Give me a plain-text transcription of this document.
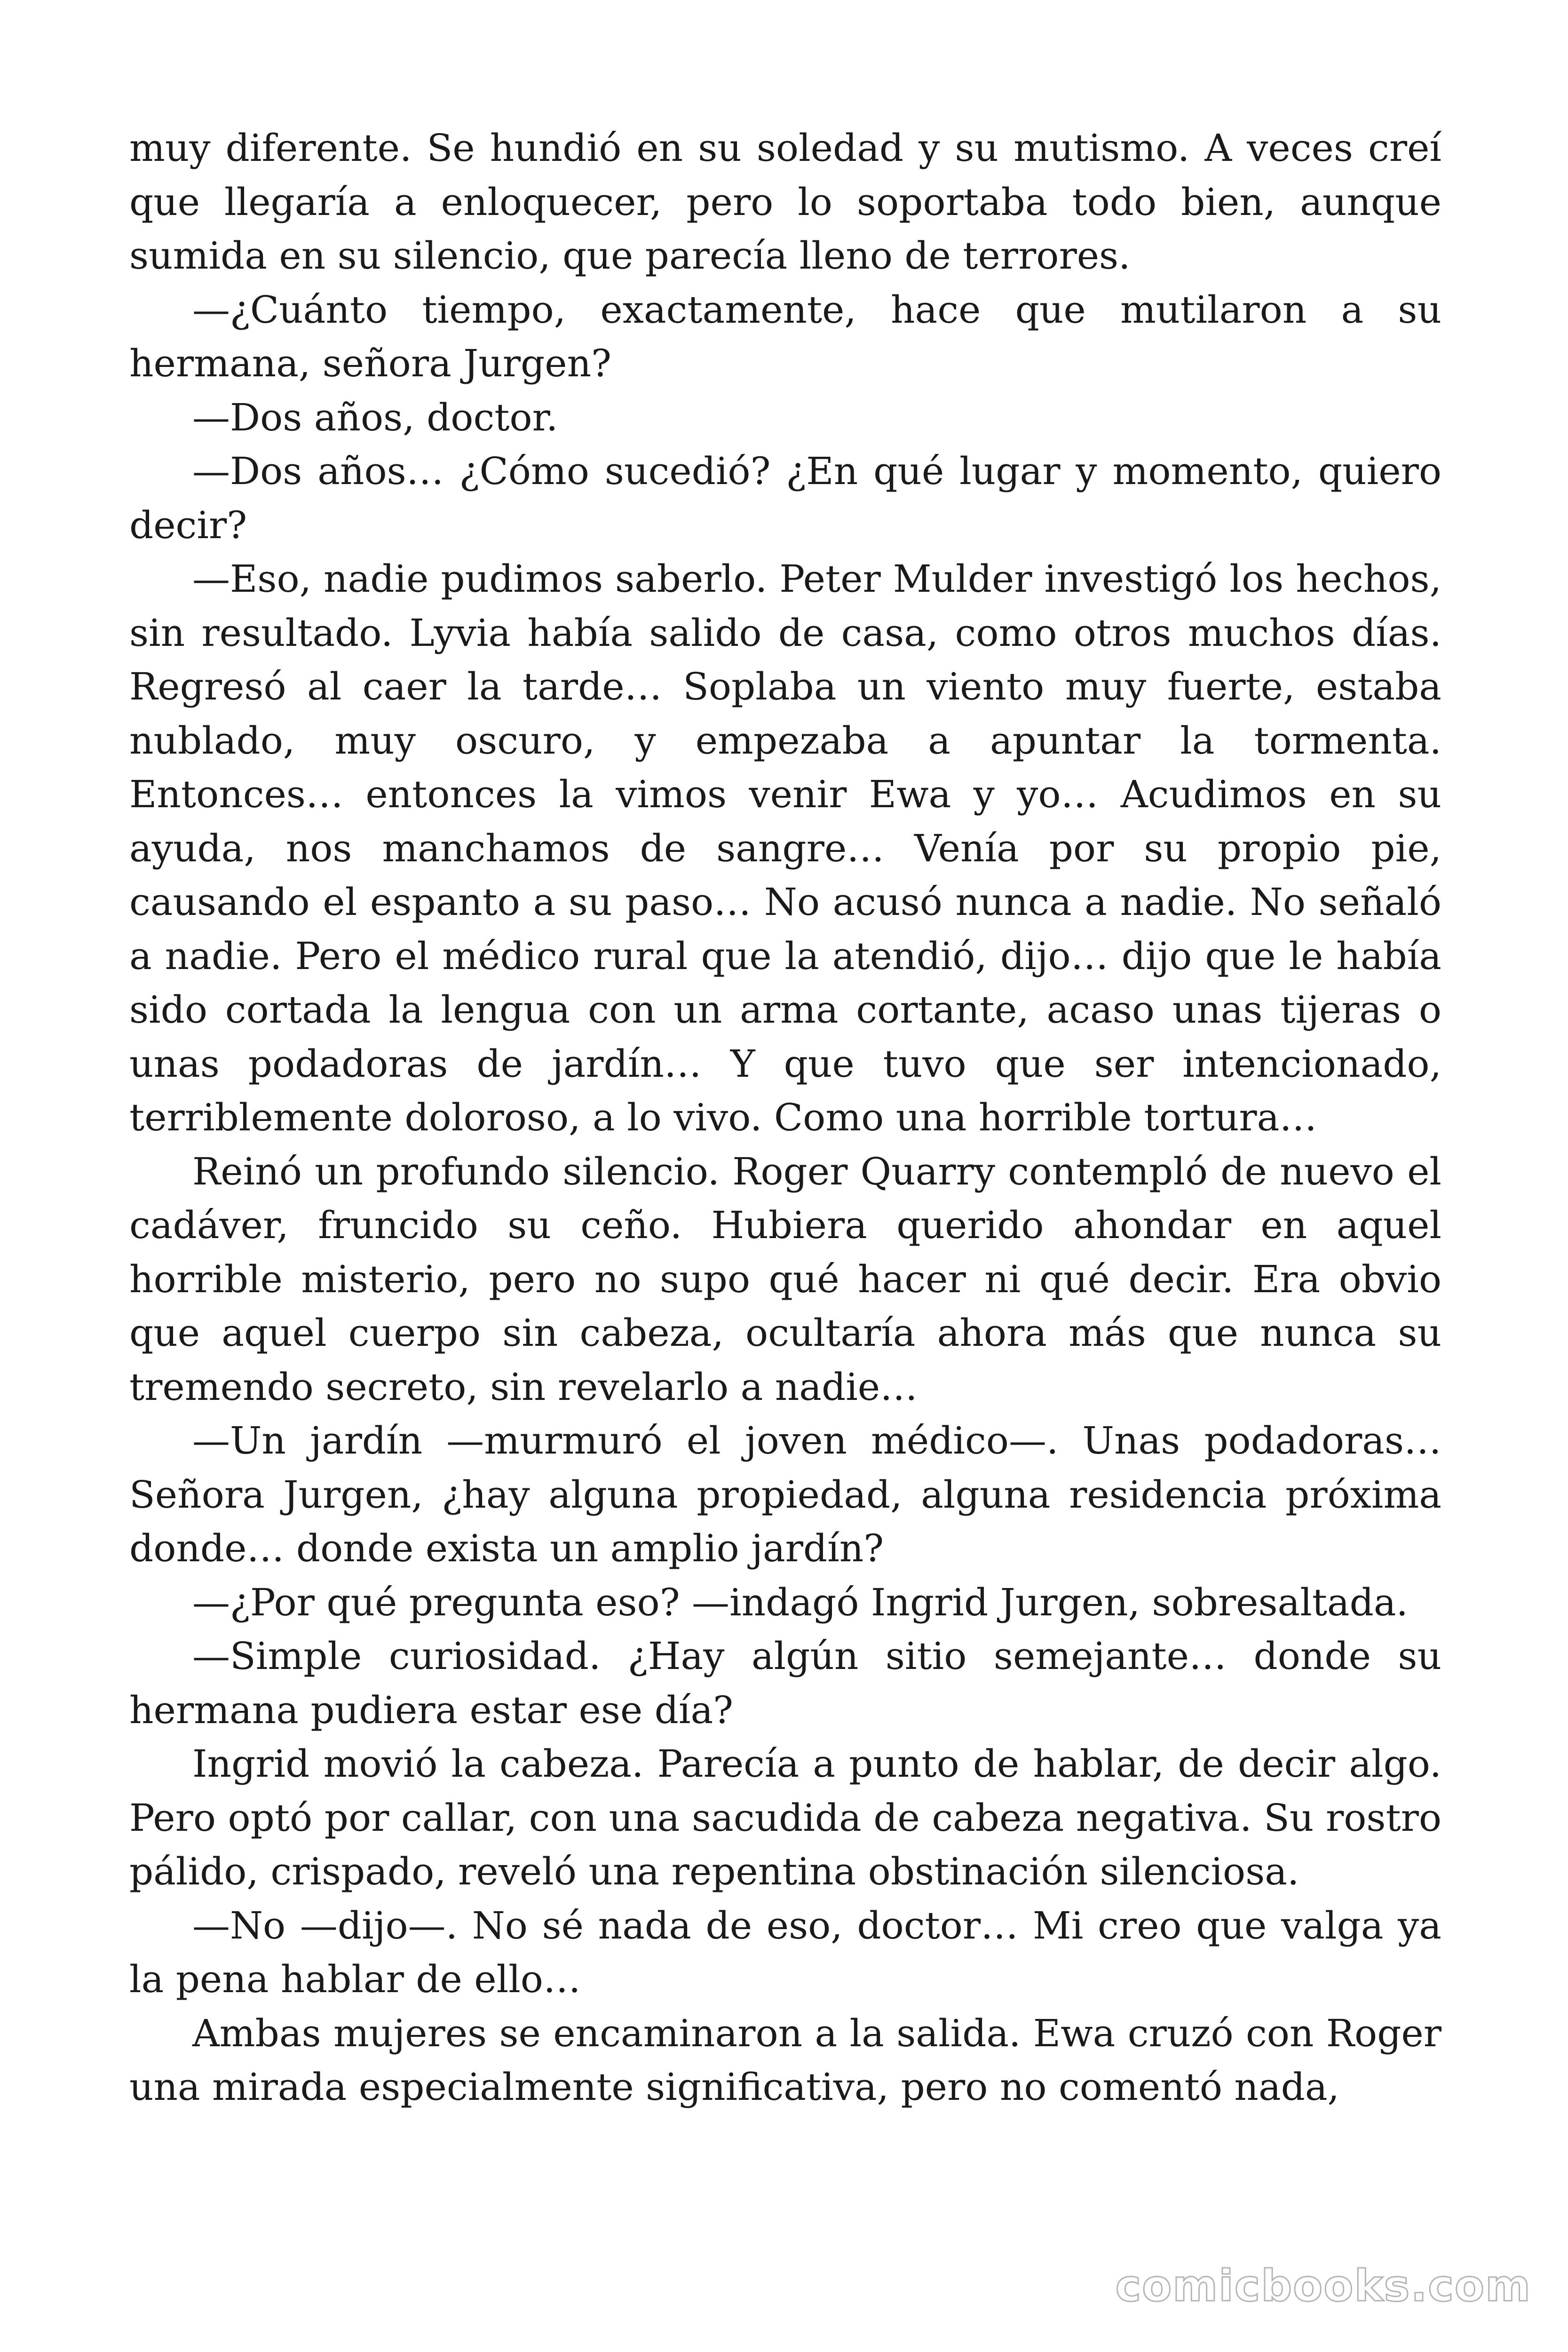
muy diferente. Se hundió en su soledad y su mutismo. A veces creí que llegaría a enloquecer, pero lo soportaba todo bien, aunque sumida en su silencio, que parecía lleno de terrores.

—¿Cuánto tiempo, exactamente, hace que mutilaron a su hermana, señora Jurgen?

—Dos años, doctor.

—Dos años… ¿Cómo sucedió? ¿En qué lugar y momento, quiero decir?

—Eso, nadie pudimos saberlo. Peter Mulder investigó los hechos, sin resultado. Lyvia había salido de casa, como otros muchos días. Regresó al caer la tarde… Soplaba un viento muy fuerte, estaba nublado, muy oscuro, y empezaba a apuntar la tormenta. Entonces… entonces la vimos venir Ewa y yo… Acudimos en su ayuda, nos manchamos de sangre… Venía por su propio pie, causando el espanto a su paso… No acusó nunca a nadie. No señaló a nadie. Pero el médico rural que la atendió, dijo… dijo que le había sido cortada la lengua con un arma cortante, acaso unas tijeras o unas podadoras de jardín… Y que tuvo que ser intencionado, terriblemente doloroso, a lo vivo. Como una horrible tortura…

Reinó un profundo silencio. Roger Quarry contempló de nuevo el cadáver, fruncido su ceño. Hubiera querido ahondar en aquel horrible misterio, pero no supo qué hacer ni qué decir. Era obvio que aquel cuerpo sin cabeza, ocultaría ahora más que nunca su tremendo secreto, sin revelarlo a nadie…

—Un jardín —murmuró el joven médico—. Unas podadoras… Señora Jurgen, ¿hay alguna propiedad, alguna residencia próxima donde… donde exista un amplio jardín?

—¿Por qué pregunta eso? —indagó Ingrid Jurgen, sobresaltada.

—Simple curiosidad. ¿Hay algún sitio semejante… donde su hermana pudiera estar ese día?

Ingrid movió la cabeza. Parecía a punto de hablar, de decir algo. Pero optó por callar, con una sacudida de cabeza negativa. Su rostro pálido, crispado, reveló una repentina obstinación silenciosa.

—No —dijo—. No sé nada de eso, doctor… Mi creo que valga ya la pena hablar de ello…

Ambas mujeres se encaminaron a la salida. Ewa cruzó con Roger una mirada especialmente significativa, pero no comentó nada,

comicbooks.com
